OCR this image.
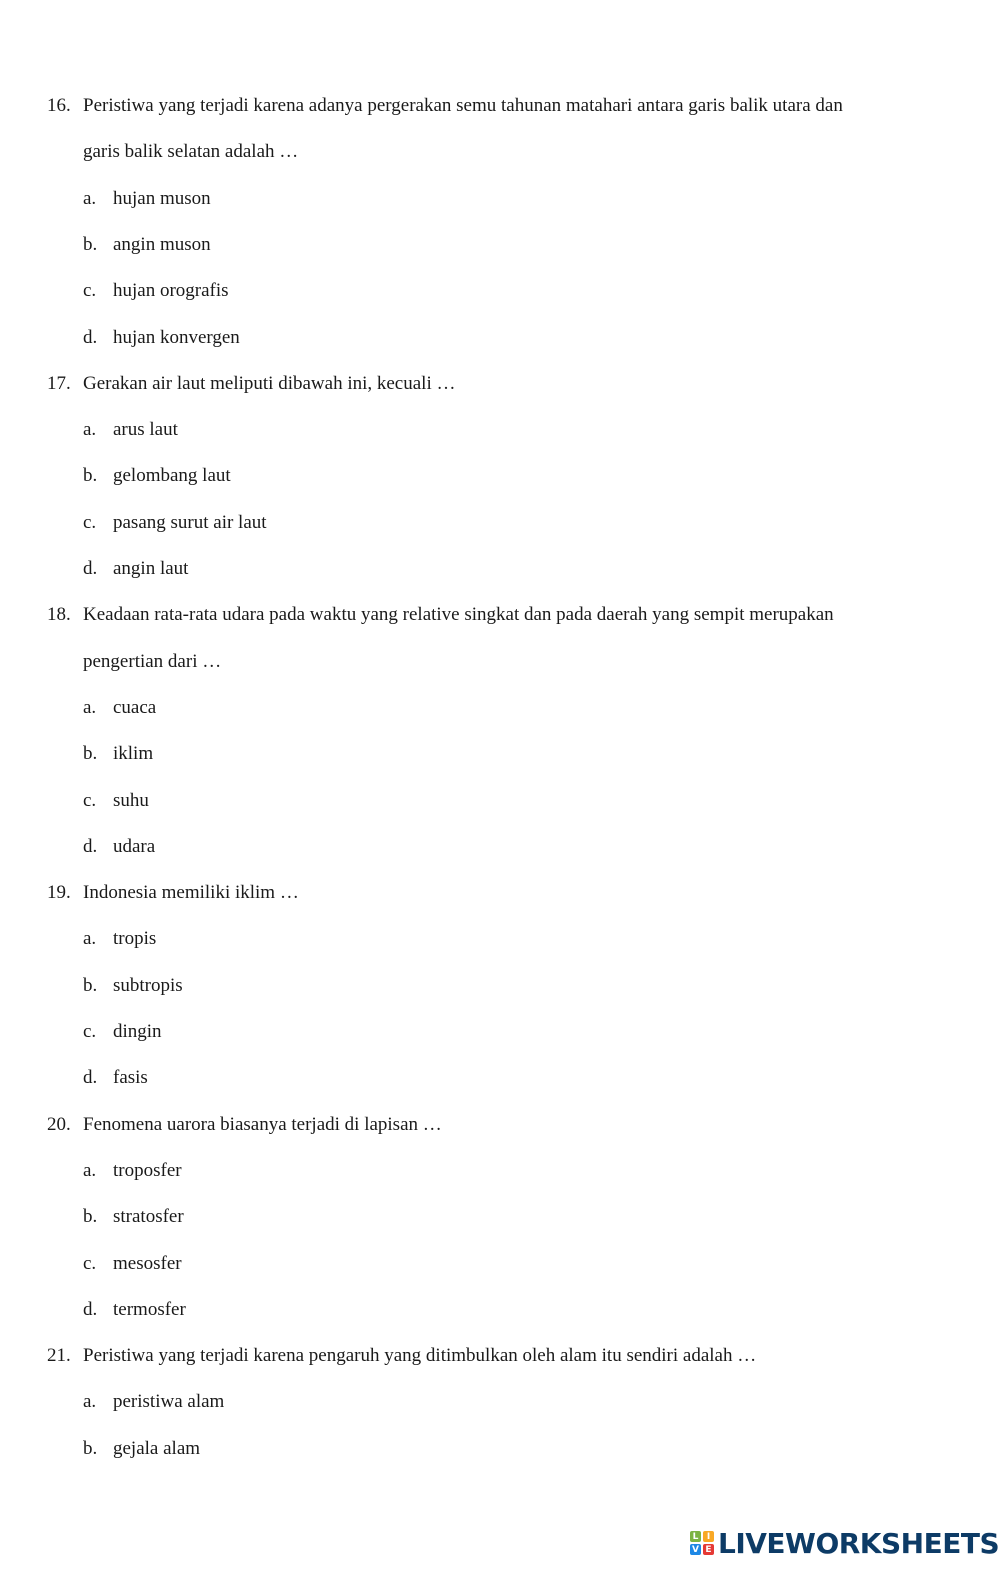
16. Peristiwa yang terjadi karena adanya pergerakan semu tahunan matahari antara garis balik utara dan
garis balik selatan adalah …
a. hujan muson
b. angin muson
c. hujan orografis
d. hujan konvergen
17. Gerakan air laut meliputi dibawah ini, kecuali …
a. arus laut
b. gelombang laut
c. pasang surut air laut
d. angin laut
18. Keadaan rata-rata udara pada waktu yang relative singkat dan pada daerah yang sempit merupakan
pengertian dari …
a. cuaca
b. iklim
c. suhu
d. udara
19. Indonesia memiliki iklim …
a. tropis
b. subtropis
c. dingin
d. fasis
20. Fenomena uarora biasanya terjadi di lapisan …
a. troposfer
b. stratosfer
c. mesosfer
d. termosfer
21. Peristiwa yang terjadi karena pengaruh yang ditimbulkan oleh alam itu sendiri adalah …
a. peristiwa alam
b. gejala alam
L I
V E LIVEWORKSHEETS
